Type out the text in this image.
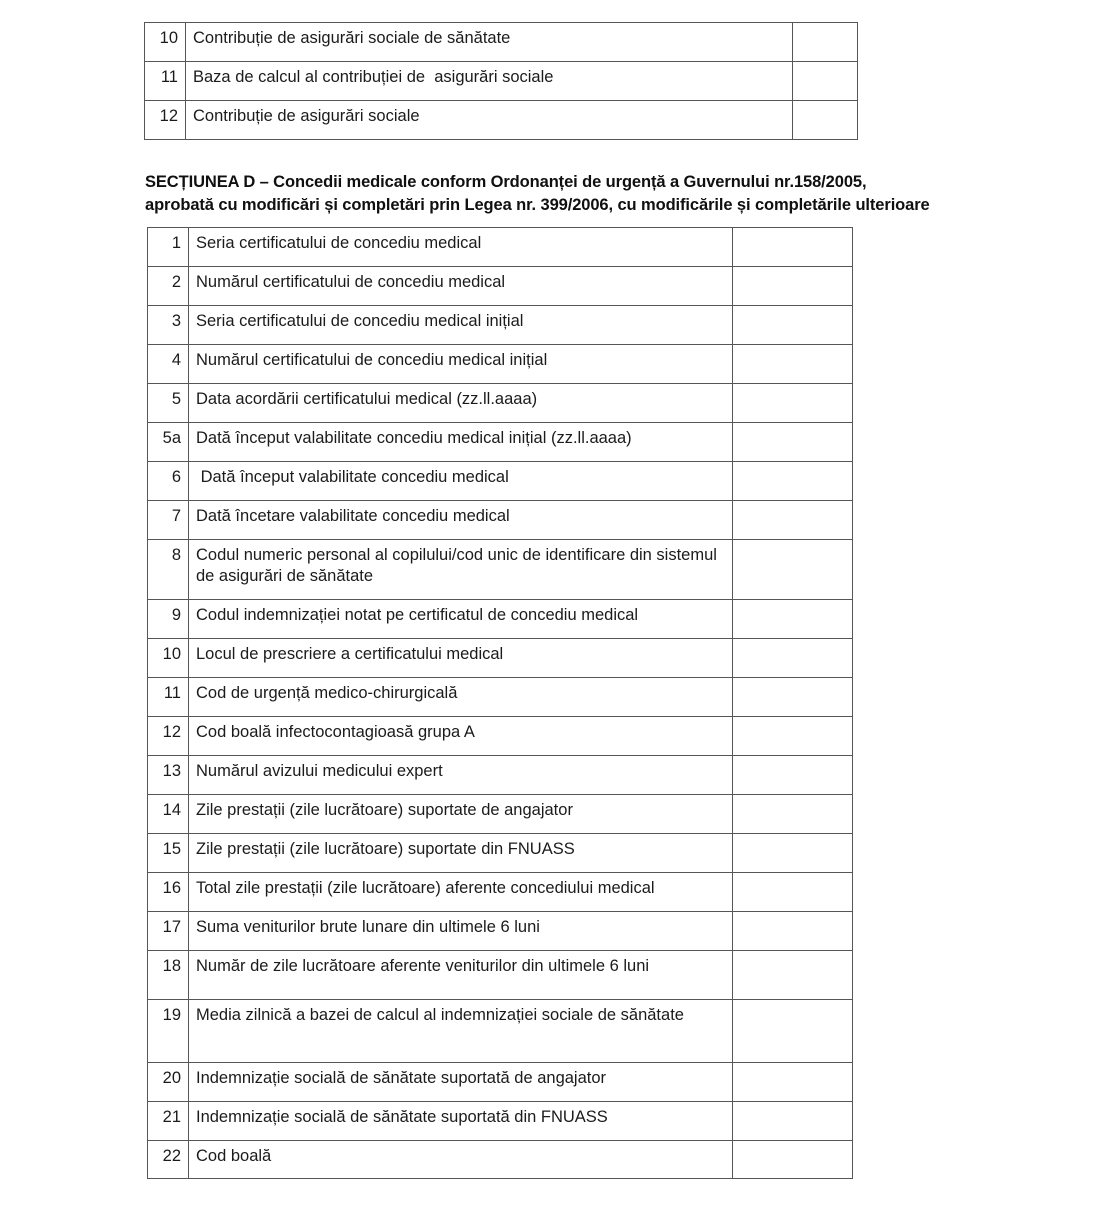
10	Contribuție de asigurări sociale de sănătate	
11	Baza de calcul al contribuției de  asigurări sociale	
12	Contribuție de asigurări sociale	
SECȚIUNEA D – Concedii medicale conform Ordonanței de urgență a Guvernului nr.158/2005,
aprobată cu modificări și completări prin Legea nr. 399/2006, cu modificările și completările ulterioare
1	Seria certificatului de concediu medical	
2	Numărul certificatului de concediu medical	
3	Seria certificatului de concediu medical inițial	
4	Numărul certificatului de concediu medical inițial	
5	Data acordării certificatului medical (zz.ll.aaaa)	
5a	Dată început valabilitate concediu medical inițial (zz.ll.aaaa)	
6	Dată început valabilitate concediu medical	
7	Dată încetare valabilitate concediu medical	
8	Codul numeric personal al copilului/cod unic de identificare din sistemul de asigurări de sănătate	
9	Codul indemnizației notat pe certificatul de concediu medical	
10	Locul de prescriere a certificatului medical	
11	Cod de urgență medico-chirurgicală	
12	Cod boală infectocontagioasă grupa A	
13	Numărul avizului medicului expert	
14	Zile prestații (zile lucrătoare) suportate de angajator	
15	Zile prestații (zile lucrătoare) suportate din FNUASS	
16	Total zile prestații (zile lucrătoare) aferente concediului medical	
17	Suma veniturilor brute lunare din ultimele 6 luni	
18	Număr de zile lucrătoare aferente veniturilor din ultimele 6 luni	
19	Media zilnică a bazei de calcul al indemnizației sociale de sănătate	
20	Indemnizație socială de sănătate suportată de angajator	
21	Indemnizație socială de sănătate suportată din FNUASS	
22	Cod boală	
